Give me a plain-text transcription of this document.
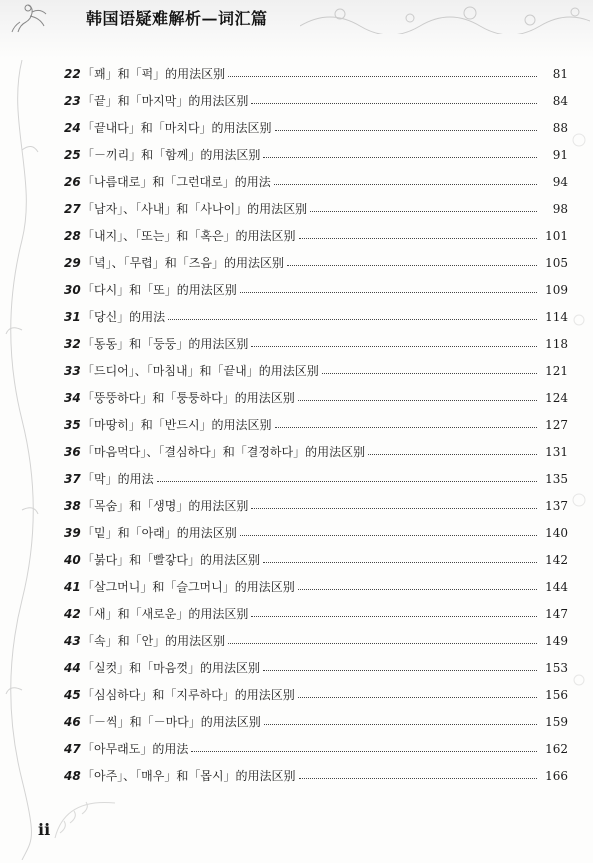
韩国语疑难解析—词汇篇
22 「꽤」和「퍽」的用法区别	81
23 「끝」和「마지막」的用法区别	84
24 「끝내다」和「마치다」的用法区别	88
25 「－끼리」和「함께」的用法区别	91
26 「나름대로」和「그런대로」的用法	94
27 「남자」、「사내」和「사나이」的用法区别	98
28 「내지」、「또는」和「혹은」的用法区别	101
29 「녘」、「무렵」和「즈음」的用法区别	105
30 「다시」和「또」的用法区别	109
31 「당신」的用法	114
32 「동동」和「둥둥」的用法区别	118
33 「드디어」、「마침내」和「끝내」的用法区别	121
34 「뚱뚱하다」和「퉁퉁하다」的用法区别	124
35 「마땅히」和「반드시」的用法区别	127
36 「마음먹다」、「결심하다」和「결정하다」的用法区别	131
37 「막」的用法	135
38 「목숨」和「생명」的用法区别	137
39 「밑」和「아래」的用法区别	140
40 「붉다」和「빨갛다」的用法区别	142
41 「살그머니」和「슬그머니」的用法区别	144
42 「새」和「새로운」的用法区别	147
43 「속」和「안」的用法区别	149
44 「실컷」和「마음껏」的用法区别	153
45 「심심하다」和「지루하다」的用法区别	156
46 「－씩」和「－마다」的用法区别	159
47 「아무래도」的用法	162
48 「아주」、「매우」和「몹시」的用法区别	166
ii
